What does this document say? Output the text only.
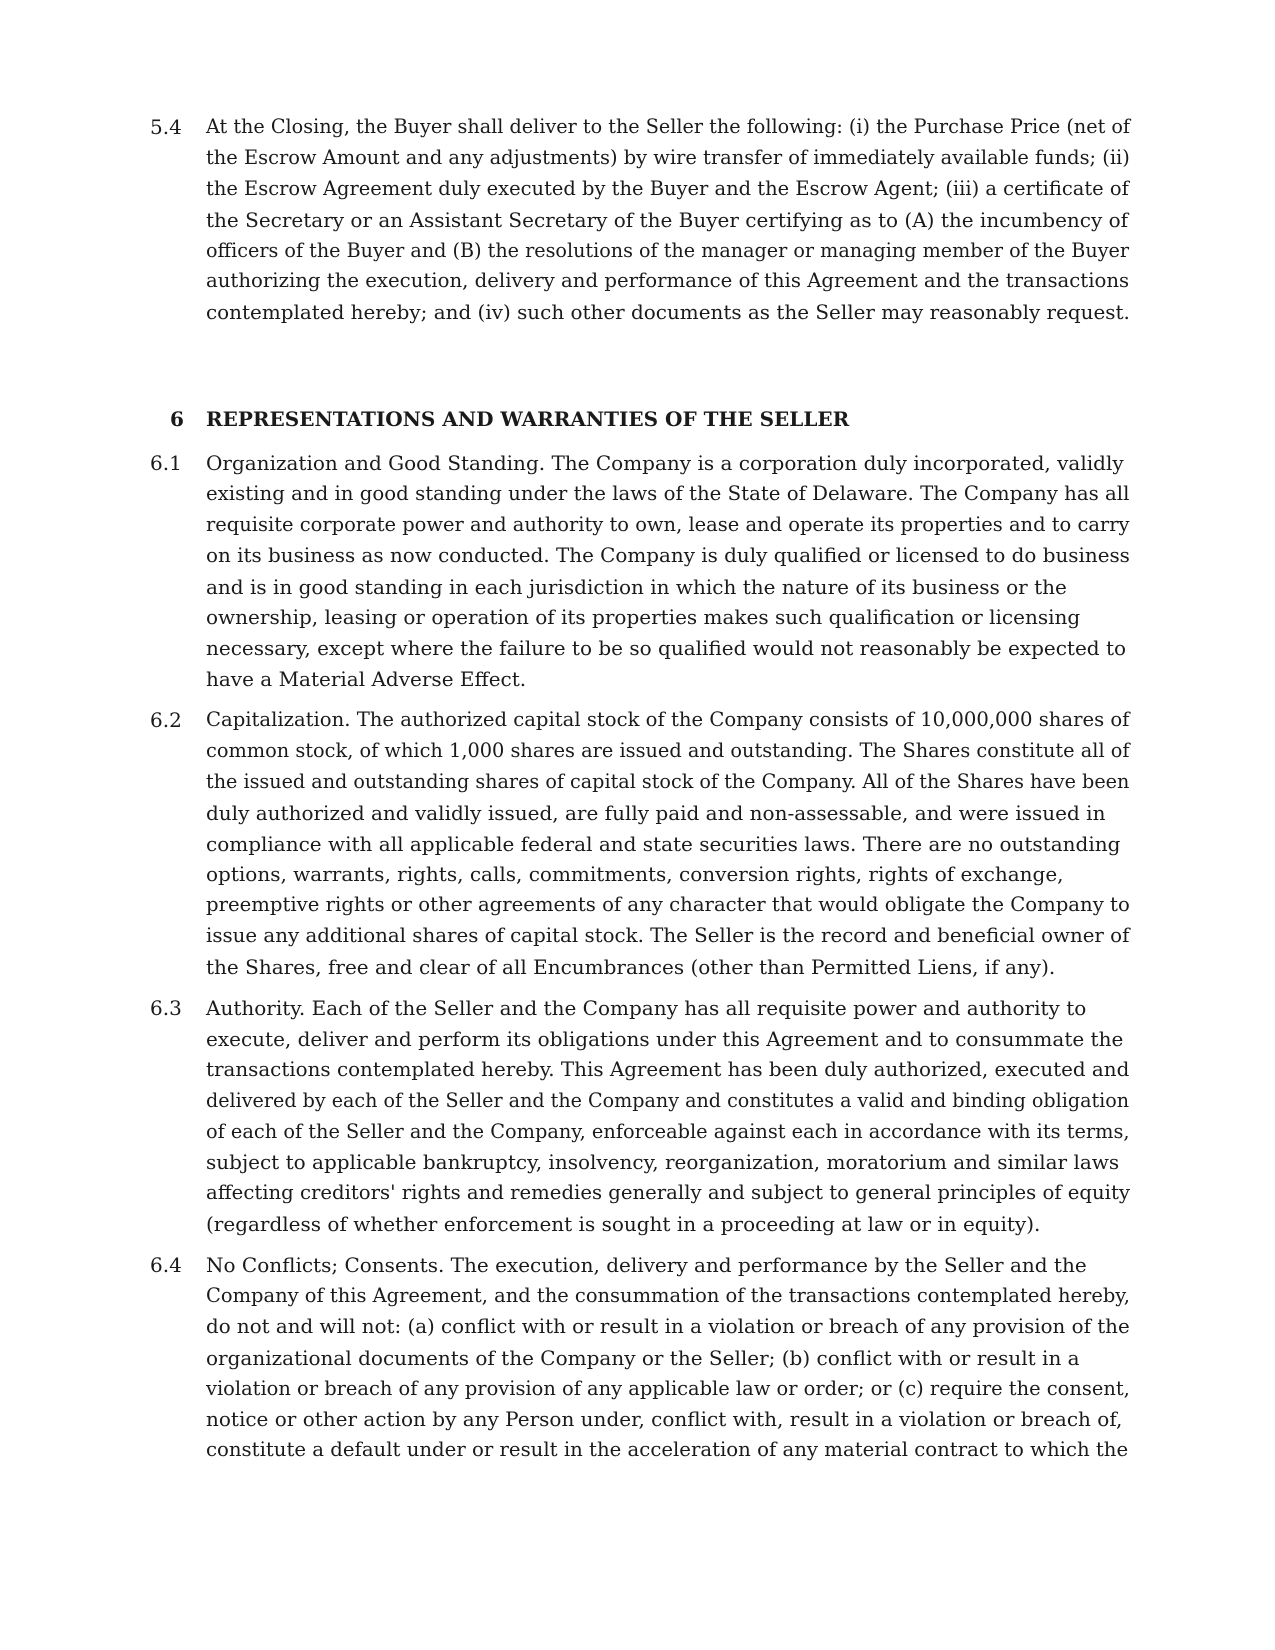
5.4	At the Closing, the Buyer shall deliver to the Seller the following: (i) the Purchase Price (net of
the Escrow Amount and any adjustments) by wire transfer of immediately available funds; (ii)
the Escrow Agreement duly executed by the Buyer and the Escrow Agent; (iii) a certificate of
the Secretary or an Assistant Secretary of the Buyer certifying as to (A) the incumbency of
officers of the Buyer and (B) the resolutions of the manager or managing member of the Buyer
authorizing the execution, delivery and performance of this Agreement and the transactions
contemplated hereby; and (iv) such other documents as the Seller may reasonably request.
6	REPRESENTATIONS AND WARRANTIES OF THE SELLER
6.1	Organization and Good Standing. The Company is a corporation duly incorporated, validly
existing and in good standing under the laws of the State of Delaware. The Company has all
requisite corporate power and authority to own, lease and operate its properties and to carry
on its business as now conducted. The Company is duly qualified or licensed to do business
and is in good standing in each jurisdiction in which the nature of its business or the
ownership, leasing or operation of its properties makes such qualification or licensing
necessary, except where the failure to be so qualified would not reasonably be expected to
have a Material Adverse Effect.
6.2	Capitalization. The authorized capital stock of the Company consists of 10,000,000 shares of
common stock, of which 1,000 shares are issued and outstanding. The Shares constitute all of
the issued and outstanding shares of capital stock of the Company. All of the Shares have been
duly authorized and validly issued, are fully paid and non-assessable, and were issued in
compliance with all applicable federal and state securities laws. There are no outstanding
options, warrants, rights, calls, commitments, conversion rights, rights of exchange,
preemptive rights or other agreements of any character that would obligate the Company to
issue any additional shares of capital stock. The Seller is the record and beneficial owner of
the Shares, free and clear of all Encumbrances (other than Permitted Liens, if any).
6.3	Authority. Each of the Seller and the Company has all requisite power and authority to
execute, deliver and perform its obligations under this Agreement and to consummate the
transactions contemplated hereby. This Agreement has been duly authorized, executed and
delivered by each of the Seller and the Company and constitutes a valid and binding obligation
of each of the Seller and the Company, enforceable against each in accordance with its terms,
subject to applicable bankruptcy, insolvency, reorganization, moratorium and similar laws
affecting creditors' rights and remedies generally and subject to general principles of equity
(regardless of whether enforcement is sought in a proceeding at law or in equity).
6.4	No Conflicts; Consents. The execution, delivery and performance by the Seller and the
Company of this Agreement, and the consummation of the transactions contemplated hereby,
do not and will not: (a) conflict with or result in a violation or breach of any provision of the
organizational documents of the Company or the Seller; (b) conflict with or result in a
violation or breach of any provision of any applicable law or order; or (c) require the consent,
notice or other action by any Person under, conflict with, result in a violation or breach of,
constitute a default under or result in the acceleration of any material contract to which the
